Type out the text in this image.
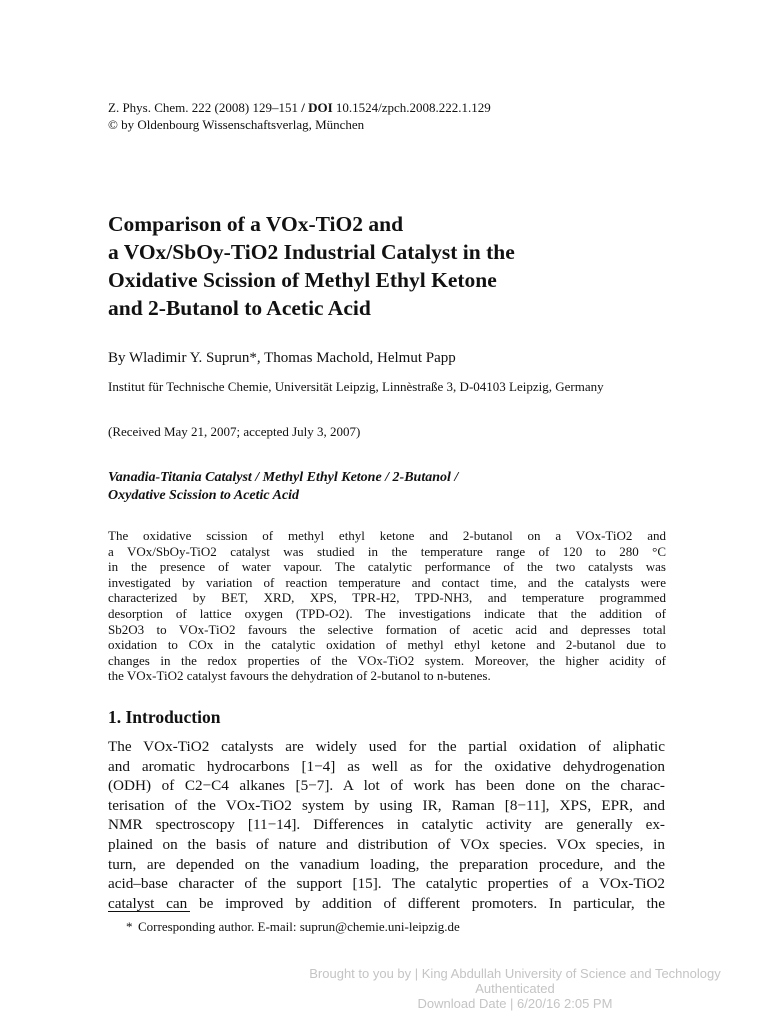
Z. Phys. Chem. 222 (2008) 129–151 / DOI 10.1524/zpch.2008.222.1.129
© by Oldenbourg Wissenschaftsverlag, München
Comparison of a VOx-TiO2 and
a VOx/SbOy-TiO2 Industrial Catalyst in the
Oxidative Scission of Methyl Ethyl Ketone
and 2-Butanol to Acetic Acid
By Wladimir Y. Suprun*, Thomas Machold, Helmut Papp
Institut für Technische Chemie, Universität Leipzig, Linnèstraße 3, D-04103 Leipzig, Germany
(Received May 21, 2007; accepted July 3, 2007)
Vanadia-Titania Catalyst / Methyl Ethyl Ketone / 2-Butanol /
Oxydative Scission to Acetic Acid
The oxidative scission of methyl ethyl ketone and 2-butanol on a VOx-TiO2 and
a VOx/SbOy-TiO2 catalyst was studied in the temperature range of 120 to 280 °C
in the presence of water vapour. The catalytic performance of the two catalysts was
investigated by variation of reaction temperature and contact time, and the catalysts were
characterized by BET, XRD, XPS, TPR-H2, TPD-NH3, and temperature programmed
desorption of lattice oxygen (TPD-O2). The investigations indicate that the addition of
Sb2O3 to VOx-TiO2 favours the selective formation of acetic acid and depresses total
oxidation to COx in the catalytic oxidation of methyl ethyl ketone and 2-butanol due to
changes in the redox properties of the VOx-TiO2 system. Moreover, the higher acidity of
the VOx-TiO2 catalyst favours the dehydration of 2-butanol to n-butenes.
1. Introduction
The VOx-TiO2 catalysts are widely used for the partial oxidation of aliphatic
and aromatic hydrocarbons [1−4] as well as for the oxidative dehydrogenation
(ODH) of C2−C4 alkanes [5−7]. A lot of work has been done on the charac-
terisation of the VOx-TiO2 system by using IR, Raman [8−11], XPS, EPR, and
NMR spectroscopy [11−14]. Differences in catalytic activity are generally ex-
plained on the basis of nature and distribution of VOx species. VOx species, in
turn, are depended on the vanadium loading, the preparation procedure, and the
acid–base character of the support [15]. The catalytic properties of a VOx-TiO2
catalyst can be improved by addition of different promoters. In particular, the
* Corresponding author. E-mail: suprun@chemie.uni-leipzig.de
Brought to you by | King Abdullah University of Science and Technology
Authenticated
Download Date | 6/20/16 2:05 PM
